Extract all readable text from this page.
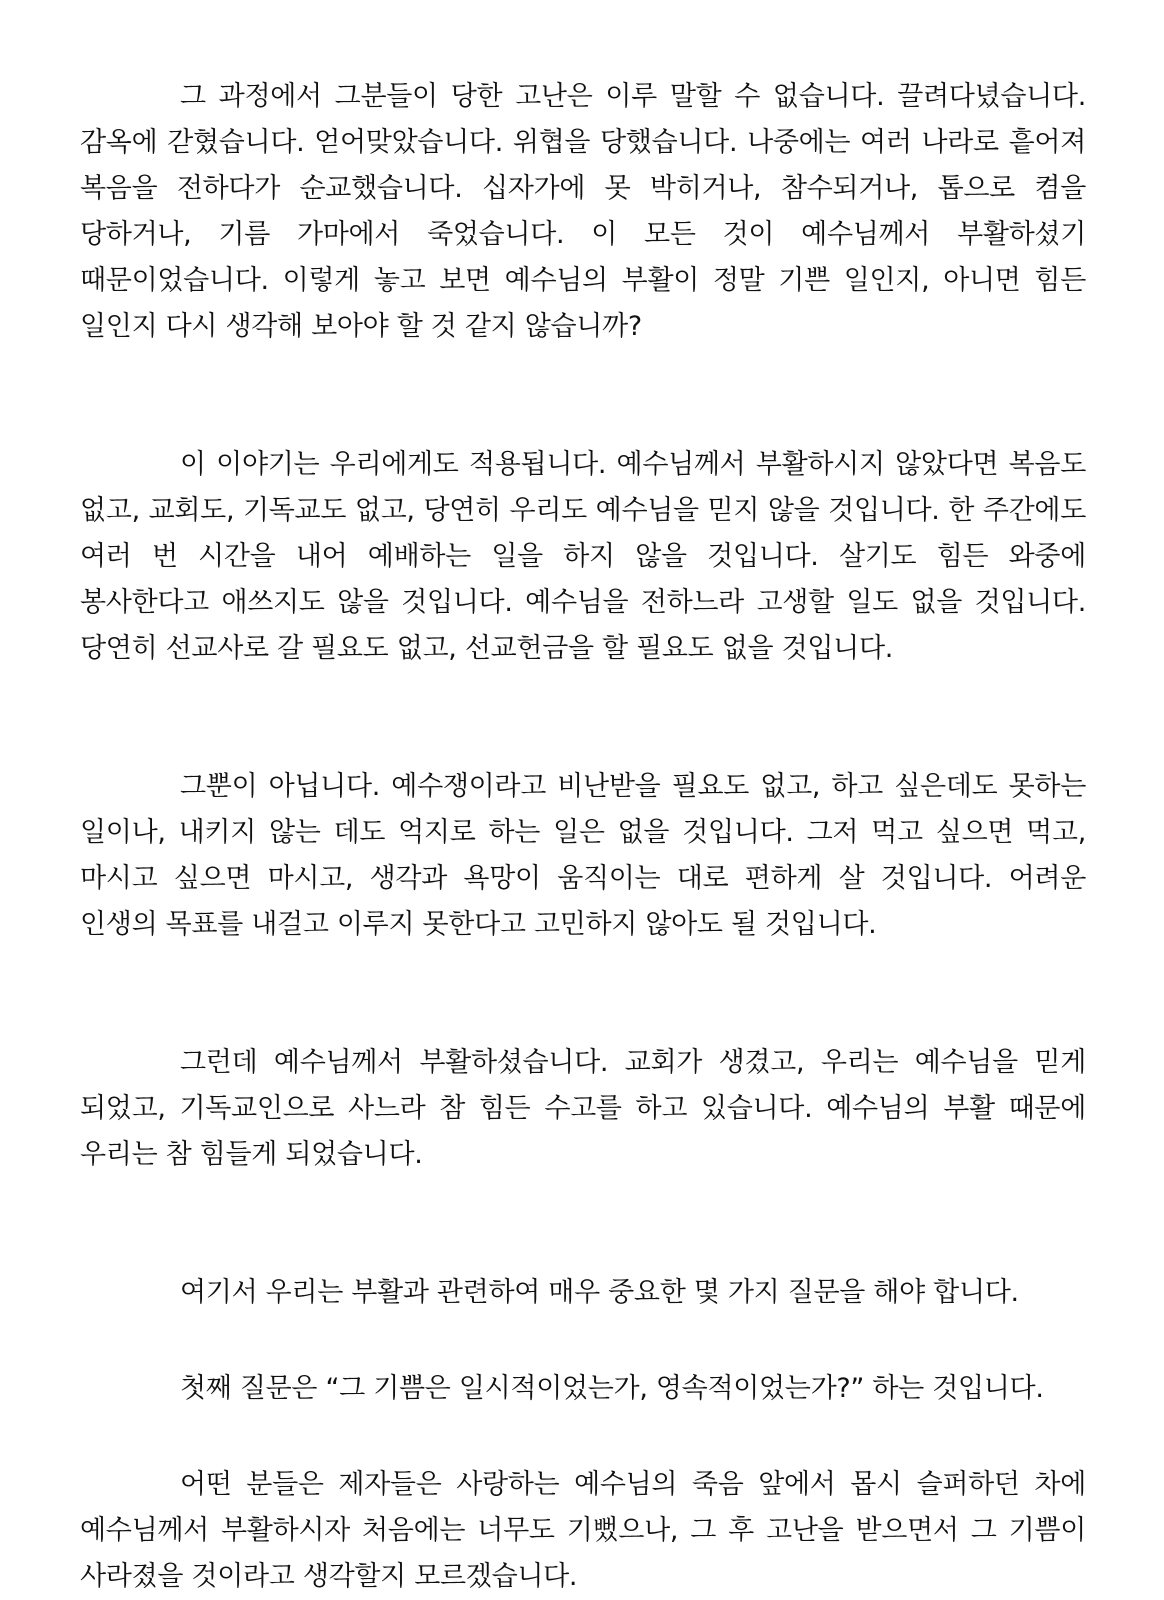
그 과정에서 그분들이 당한 고난은 이루 말할 수 없습니다. 끌려다녔습니다. 감옥에 갇혔습니다. 얻어맞았습니다. 위협을 당했습니다. 나중에는 여러 나라로 흩어져 복음을 전하다가 순교했습니다. 십자가에 못 박히거나, 참수되거나, 톱으로 켬을 당하거나, 기름 가마에서 죽었습니다. 이 모든 것이 예수님께서 부활하셨기 때문이었습니다. 이렇게 놓고 보면 예수님의 부활이 정말 기쁜 일인지, 아니면 힘든 일인지 다시 생각해 보아야 할 것 같지 않습니까?

이 이야기는 우리에게도 적용됩니다. 예수님께서 부활하시지 않았다면 복음도 없고, 교회도, 기독교도 없고, 당연히 우리도 예수님을 믿지 않을 것입니다. 한 주간에도 여러 번 시간을 내어 예배하는 일을 하지 않을 것입니다. 살기도 힘든 와중에 봉사한다고 애쓰지도 않을 것입니다. 예수님을 전하느라 고생할 일도 없을 것입니다. 당연히 선교사로 갈 필요도 없고, 선교헌금을 할 필요도 없을 것입니다.

그뿐이 아닙니다. 예수쟁이라고 비난받을 필요도 없고, 하고 싶은데도 못하는 일이나, 내키지 않는 데도 억지로 하는 일은 없을 것입니다. 그저 먹고 싶으면 먹고, 마시고 싶으면 마시고, 생각과 욕망이 움직이는 대로 편하게 살 것입니다. 어려운 인생의 목표를 내걸고 이루지 못한다고 고민하지 않아도 될 것입니다.

그런데 예수님께서 부활하셨습니다. 교회가 생겼고, 우리는 예수님을 믿게 되었고, 기독교인으로 사느라 참 힘든 수고를 하고 있습니다. 예수님의 부활 때문에 우리는 참 힘들게 되었습니다.

여기서 우리는 부활과 관련하여 매우 중요한 몇 가지 질문을 해야 합니다.

첫째 질문은 “그 기쁨은 일시적이었는가, 영속적이었는가?” 하는 것입니다.

어떤 분들은 제자들은 사랑하는 예수님의 죽음 앞에서 몹시 슬퍼하던 차에 예수님께서 부활하시자 처음에는 너무도 기뻤으나, 그 후 고난을 받으면서 그 기쁨이 사라졌을 것이라고 생각할지 모르겠습니다.
